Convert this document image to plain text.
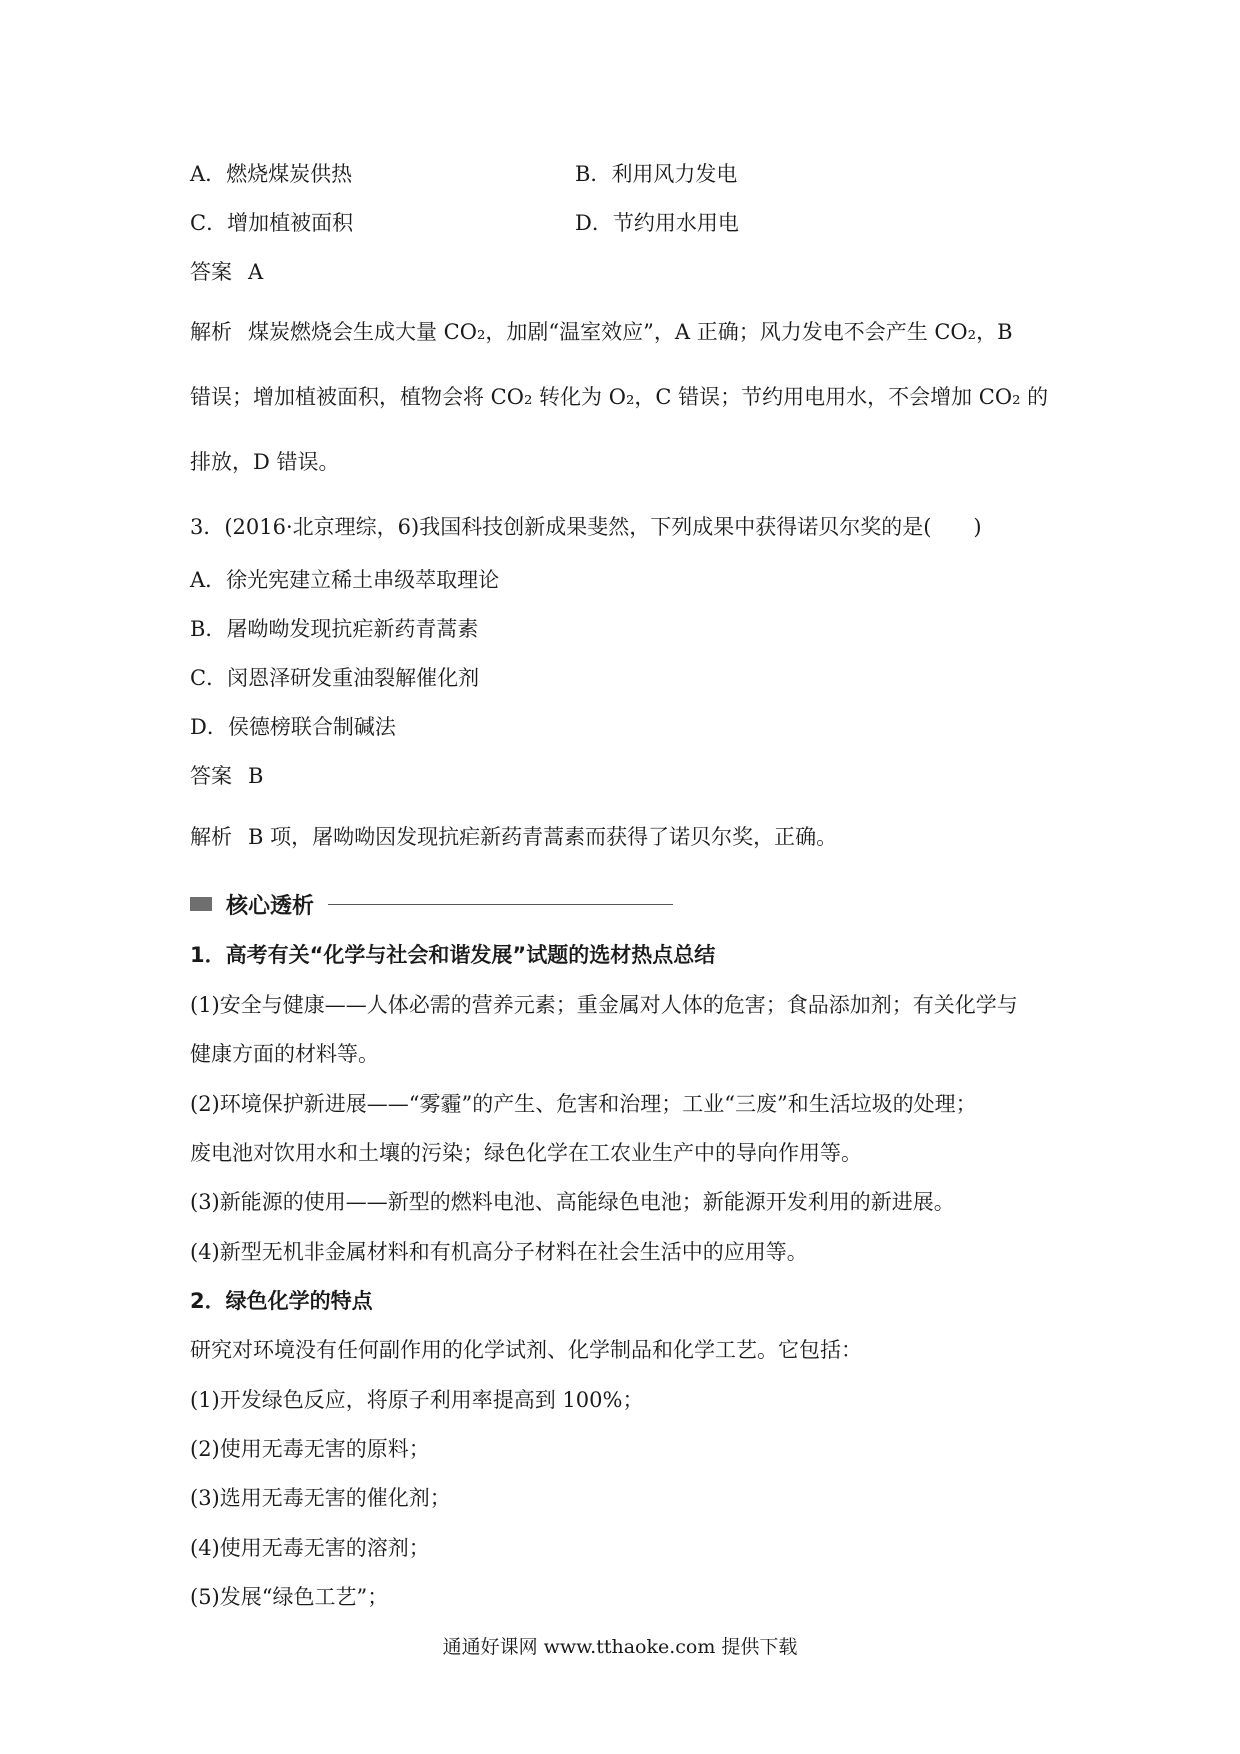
A．燃烧煤炭供热	B．利用风力发电
C．增加植被面积	D．节约用水用电
答案 A
解析 煤炭燃烧会生成大量 CO₂，加剧“温室效应”，A 正确；风力发电不会产生 CO₂，B
错误；增加植被面积，植物会将 CO₂ 转化为 O₂，C 错误；节约用电用水，不会增加 CO₂ 的
排放，D 错误。
3．(2016·北京理综，6)我国科技创新成果斐然，下列成果中获得诺贝尔奖的是(　　)
A．徐光宪建立稀土串级萃取理论
B．屠呦呦发现抗疟新药青蒿素
C．闵恩泽研发重油裂解催化剂
D．侯德榜联合制碱法
答案 B
解析 B 项，屠呦呦因发现抗疟新药青蒿素而获得了诺贝尔奖，正确。
核心透析
1．高考有关“化学与社会和谐发展”试题的选材热点总结
(1)安全与健康——人体必需的营养元素；重金属对人体的危害；食品添加剂；有关化学与
健康方面的材料等。
(2)环境保护新进展——“雾霾”的产生、危害和治理；工业“三废”和生活垃圾的处理；
废电池对饮用水和土壤的污染；绿色化学在工农业生产中的导向作用等。
(3)新能源的使用——新型的燃料电池、高能绿色电池；新能源开发利用的新进展。
(4)新型无机非金属材料和有机高分子材料在社会生活中的应用等。
2．绿色化学的特点
研究对环境没有任何副作用的化学试剂、化学制品和化学工艺。它包括：
(1)开发绿色反应，将原子利用率提高到 100%；
(2)使用无毒无害的原料；
(3)选用无毒无害的催化剂；
(4)使用无毒无害的溶剂；
(5)发展“绿色工艺”；
通通好课网 www.tthaoke.com 提供下载
